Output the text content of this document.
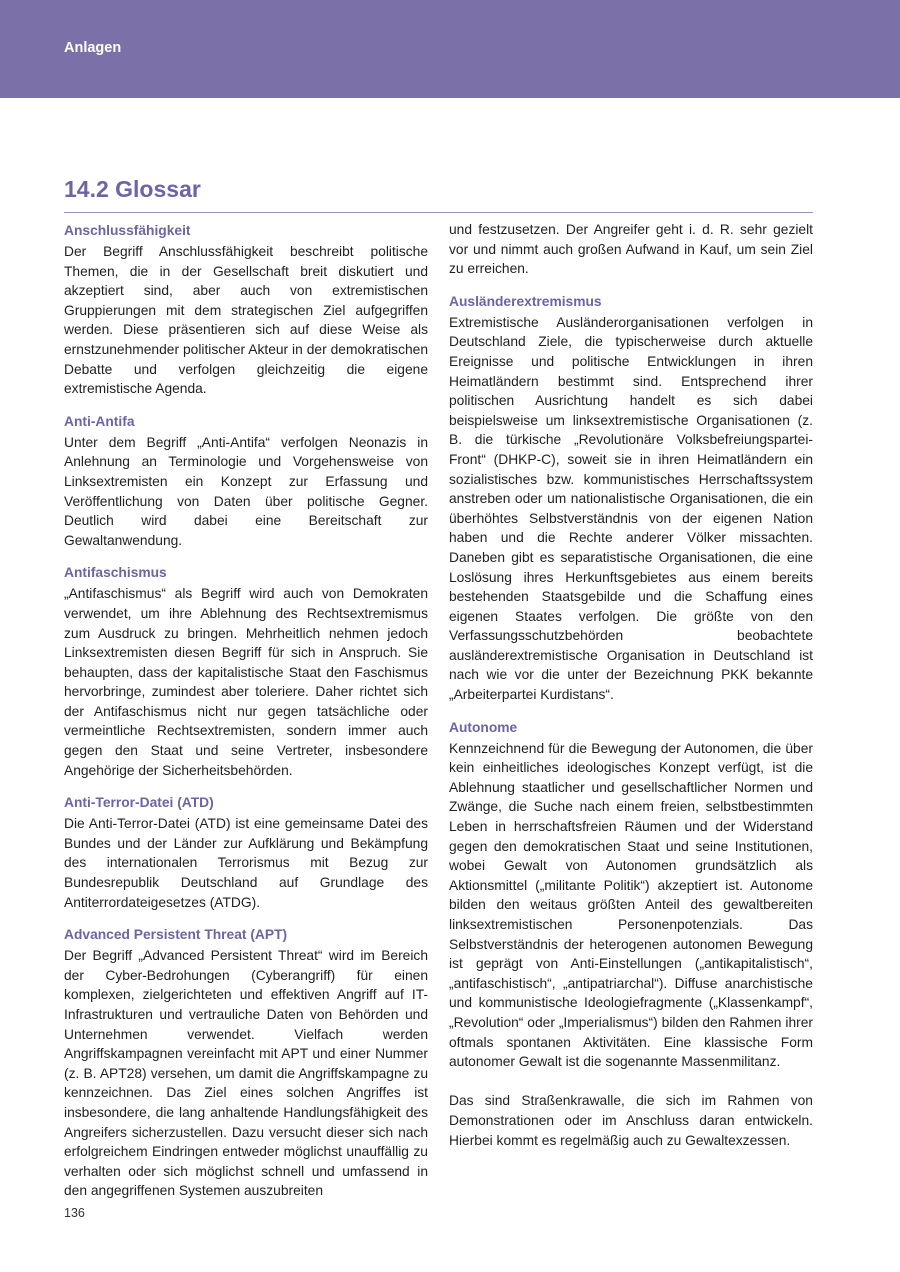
Anlagen
14.2 Glossar

Anschlussfähigkeit

Der Begriff Anschlussfähigkeit beschreibt politische Themen, die in der Gesellschaft breit diskutiert und akzeptiert sind, aber auch von extremistischen Gruppierungen mit dem strategischen Ziel aufgegriffen werden. Diese präsentieren sich auf diese Weise als ernstzunehmender politischer Akteur in der demokratischen Debatte und verfolgen gleichzeitig die eigene extremistische Agenda.

Anti-Antifa

Unter dem Begriff „Anti-Antifa“ verfolgen Neonazis in Anlehnung an Terminologie und Vorgehensweise von Linksextremisten ein Konzept zur Erfassung und Veröffentlichung von Daten über politische Gegner. Deutlich wird dabei eine Bereitschaft zur Gewaltanwendung.

Antifaschismus

„Antifaschismus“ als Begriff wird auch von Demokraten verwendet, um ihre Ablehnung des Rechtsextremismus zum Ausdruck zu bringen. Mehrheitlich nehmen jedoch Linksextremisten diesen Begriff für sich in Anspruch. Sie behaupten, dass der kapitalistische Staat den Faschismus hervorbringe, zumindest aber toleriere. Daher richtet sich der Antifaschismus nicht nur gegen tatsächliche oder vermeintliche Rechtsextremisten, sondern immer auch gegen den Staat und seine Vertreter, insbesondere Angehörige der Sicherheitsbehörden.

Anti-Terror-Datei (ATD)

Die Anti-Terror-Datei (ATD) ist eine gemeinsame Datei des Bundes und der Länder zur Aufklärung und Bekämpfung des internationalen Terrorismus mit Bezug zur Bundesrepublik Deutschland auf Grundlage des Antiterrordateigesetzes (ATDG).

Advanced Persistent Threat (APT)

Der Begriff „Advanced Persistent Threat“ wird im Bereich der Cyber-Bedrohungen (Cyberangriff) für einen komplexen, zielgerichteten und effektiven Angriff auf IT-Infrastrukturen und vertrauliche Daten von Behörden und Unternehmen verwendet. Vielfach werden Angriffskampagnen vereinfacht mit APT und einer Nummer (z. B. APT28) versehen, um damit die Angriffskampagne zu kennzeichnen. Das Ziel eines solchen Angriffes ist insbesondere, die lang anhaltende Handlungsfähigkeit des Angreifers sicherzustellen. Dazu versucht dieser sich nach erfolgreichem Eindringen entweder möglichst unauffällig zu verhalten oder sich möglichst schnell und umfassend in den angegriffenen Systemen auszubreiten

und festzusetzen. Der Angreifer geht i. d. R. sehr gezielt vor und nimmt auch großen Aufwand in Kauf, um sein Ziel zu erreichen.

Ausländerextremismus

Extremistische Ausländerorganisationen verfolgen in Deutschland Ziele, die typischerweise durch aktuelle Ereignisse und politische Entwicklungen in ihren Heimatländern bestimmt sind. Entsprechend ihrer politischen Ausrichtung handelt es sich dabei beispielsweise um linksextremistische Organisationen (z. B. die türkische „Revolutionäre Volksbefreiungspartei-Front“ (DHKP-C), soweit sie in ihren Heimatländern ein sozialistisches bzw. kommunistisches Herrschaftssystem anstreben oder um nationalistische Organisationen, die ein überhöhtes Selbstverständnis von der eigenen Nation haben und die Rechte anderer Völker missachten. Daneben gibt es separatistische Organisationen, die eine Loslösung ihres Herkunftsgebietes aus einem bereits bestehenden Staatsgebilde und die Schaffung eines eigenen Staates verfolgen. Die größte von den Verfassungsschutzbehörden beobachtete ausländerextremistische Organisation in Deutschland ist nach wie vor die unter der Bezeichnung PKK bekannte „Arbeiterpartei Kurdistans“.

Autonome

Kennzeichnend für die Bewegung der Autonomen, die über kein einheitliches ideologisches Konzept verfügt, ist die Ablehnung staatlicher und gesellschaftlicher Normen und Zwänge, die Suche nach einem freien, selbstbestimmten Leben in herrschaftsfreien Räumen und der Widerstand gegen den demokratischen Staat und seine Institutionen, wobei Gewalt von Autonomen grundsätzlich als Aktionsmittel („militante Politik“) akzeptiert ist. Autonome bilden den weitaus größten Anteil des gewaltbereiten linksextremistischen Personenpotenzials. Das Selbstverständnis der heterogenen autonomen Bewegung ist geprägt von Anti-Einstellungen („antikapitalistisch“, „antifaschistisch“, „antipatriarchal“). Diffuse anarchistische und kommunistische Ideologiefragmente („Klassenkampf“, „Revolution“ oder „Imperialismus“) bilden den Rahmen ihrer oftmals spontanen Aktivitäten. Eine klassische Form autonomer Gewalt ist die sogenannte Massenmilitanz.

Das sind Straßenkrawalle, die sich im Rahmen von Demonstrationen oder im Anschluss daran entwickeln. Hierbei kommt es regelmäßig auch zu Gewaltexzessen.

136
